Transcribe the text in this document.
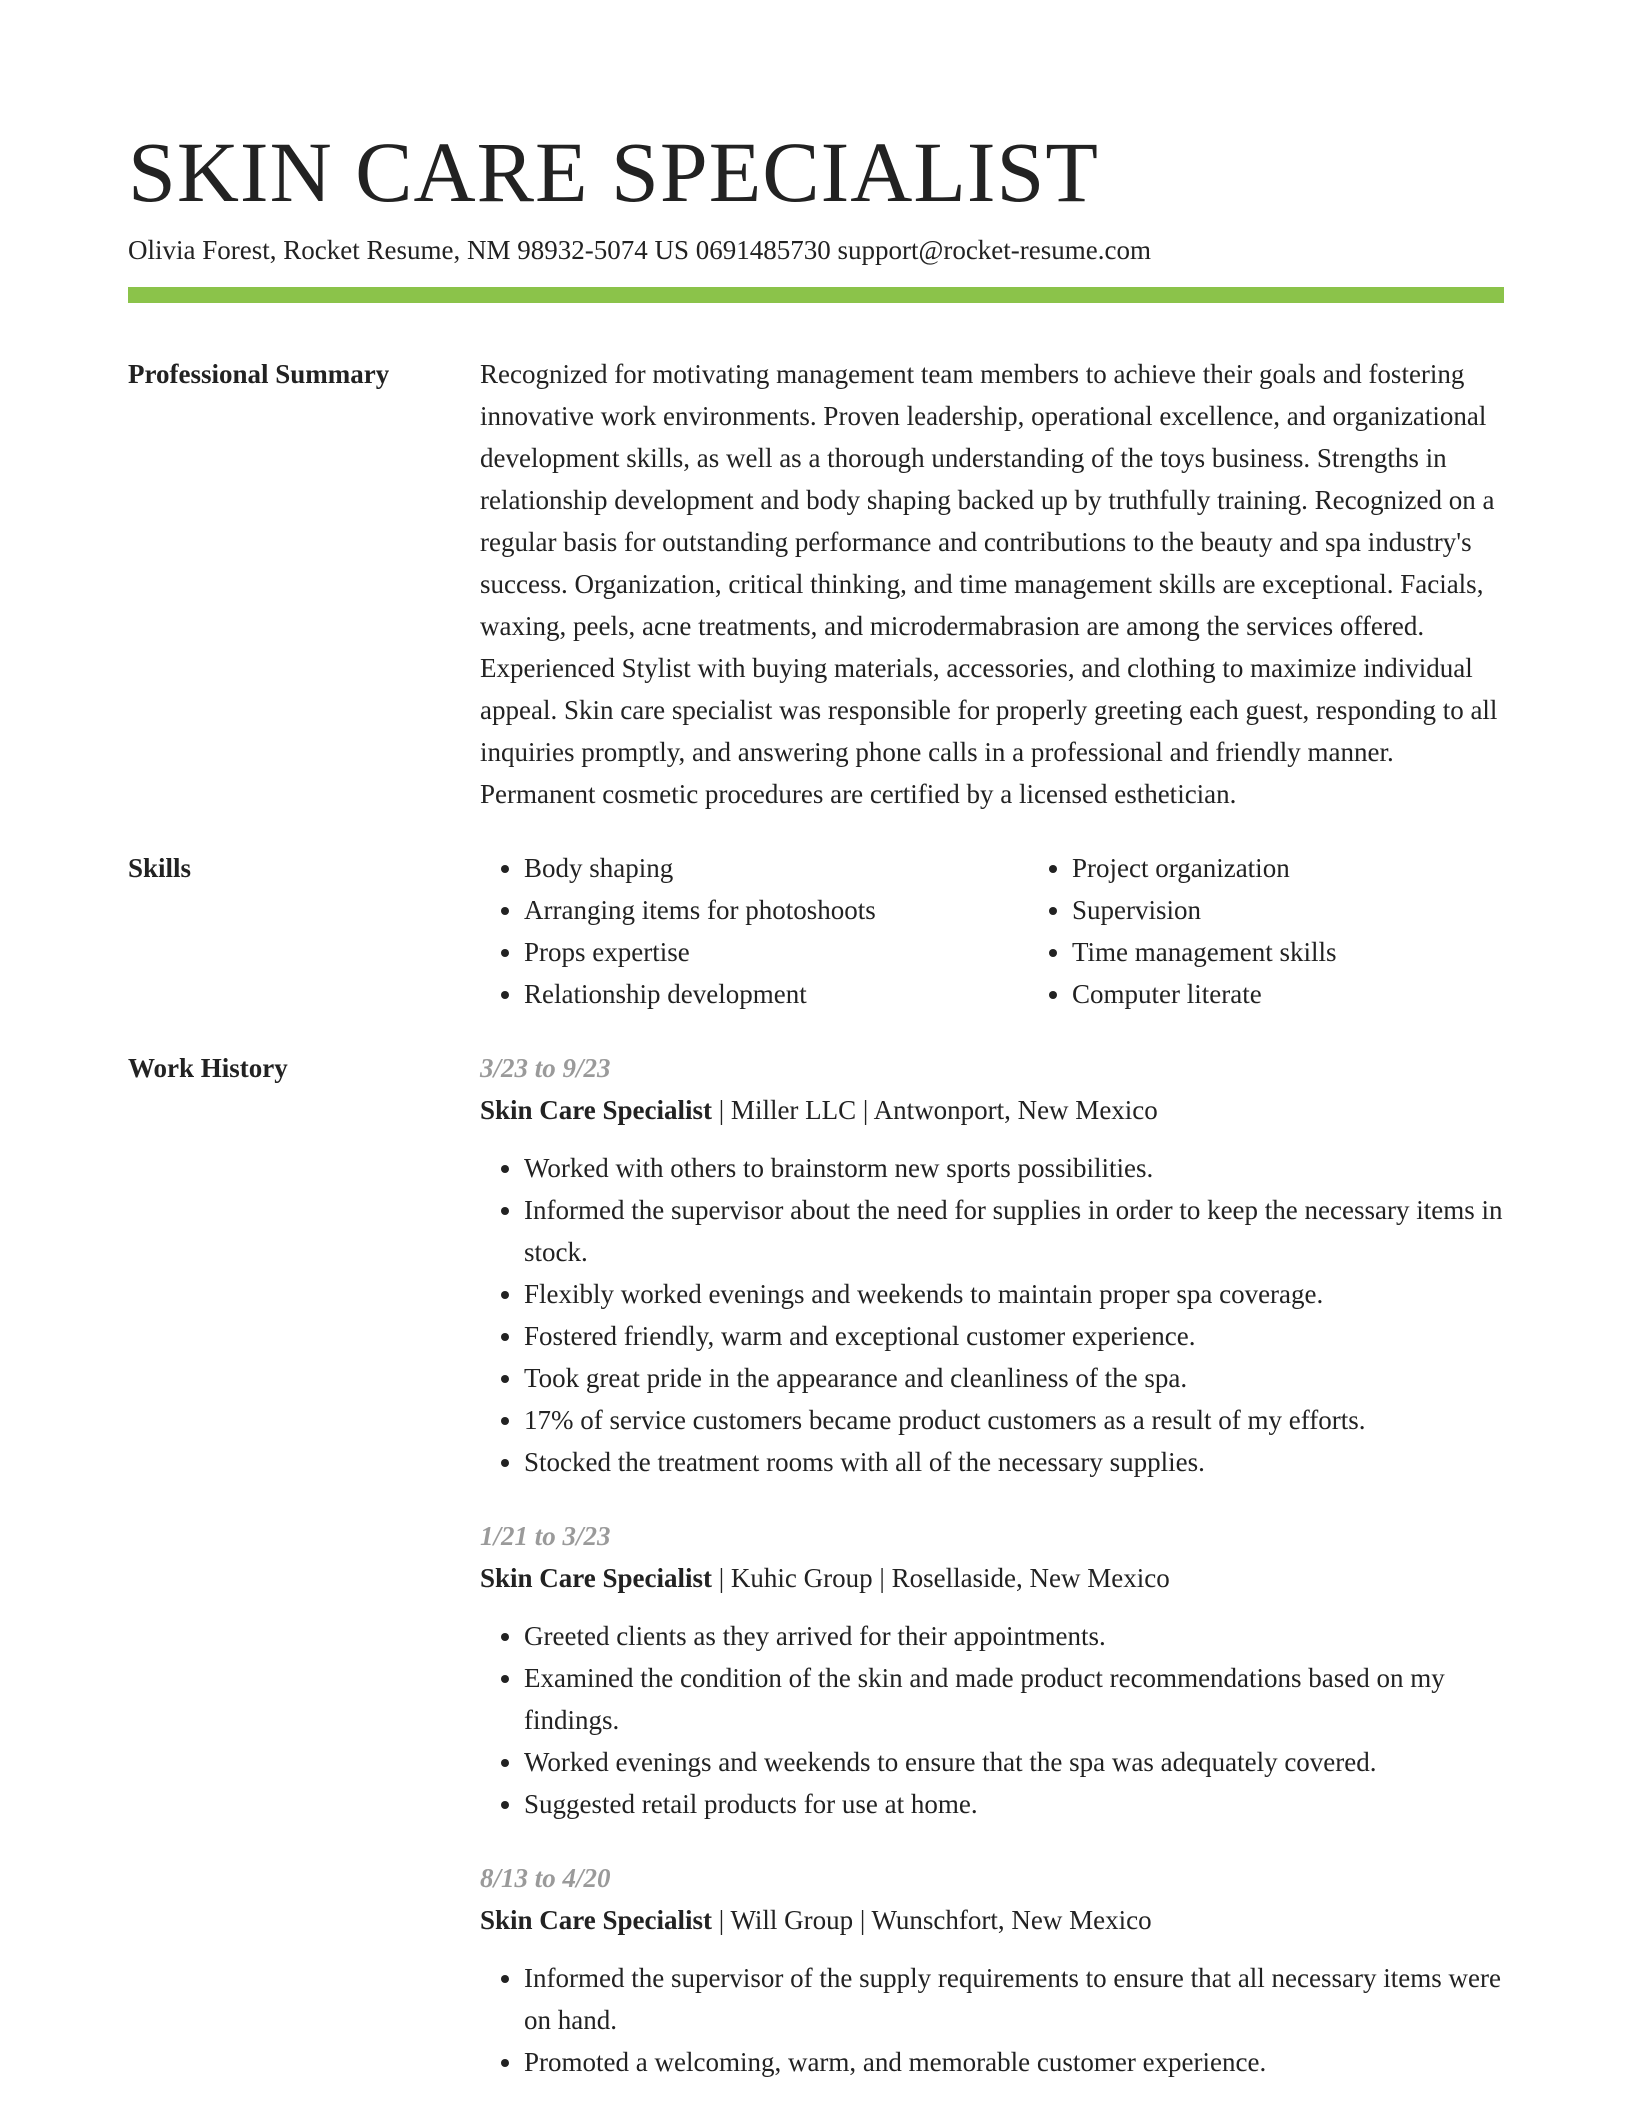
SKIN CARE SPECIALIST
Olivia Forest, Rocket Resume, NM 98932-5074 US 0691485730 support@rocket-resume.com
Professional Summary	Recognized for motivating management team members to achieve their goals and fostering innovative work environments. Proven leadership, operational excellence, and organizational development skills, as well as a thorough understanding of the toys business. Strengths in relationship development and body shaping backed up by truthfully training. Recognized on a regular basis for outstanding performance and contributions to the beauty and spa industry's success. Organization, critical thinking, and time management skills are exceptional. Facials, waxing, peels, acne treatments, and microdermabrasion are among the services offered. Experienced Stylist with buying materials, accessories, and clothing to maximize individual appeal. Skin care specialist was responsible for properly greeting each guest, responding to all inquiries promptly, and answering phone calls in a professional and friendly manner. Permanent cosmetic procedures are certified by a licensed esthetician.

Skills
•	Body shaping
• Arranging items for photoshoots
• Props expertise
• Relationship development
• Project organization
• Supervision
• Time management skills
• Computer literate
Work History	3/23 to 9/23
Skin Care Specialist | Miller LLC | Antwonport, New Mexico
• Worked with others to brainstorm new sports possibilities.
• Informed the supervisor about the need for supplies in order to keep the necessary items in stock.
• Flexibly worked evenings and weekends to maintain proper spa coverage.
• Fostered friendly, warm and exceptional customer experience.
• Took great pride in the appearance and cleanliness of the spa.
• 17% of service customers became product customers as a result of my efforts.
• Stocked the treatment rooms with all of the necessary supplies.
1/21 to 3/23
Skin Care Specialist | Kuhic Group | Rosellaside, New Mexico
• Greeted clients as they arrived for their appointments.
• Examined the condition of the skin and made product recommendations based on my findings.
• Worked evenings and weekends to ensure that the spa was adequately covered.
• Suggested retail products for use at home.
8/13 to 4/20
Skin Care Specialist | Will Group | Wunschfort, New Mexico
• Informed the supervisor of the supply requirements to ensure that all necessary items were on hand.
• Promoted a welcoming, warm, and memorable customer experience.
